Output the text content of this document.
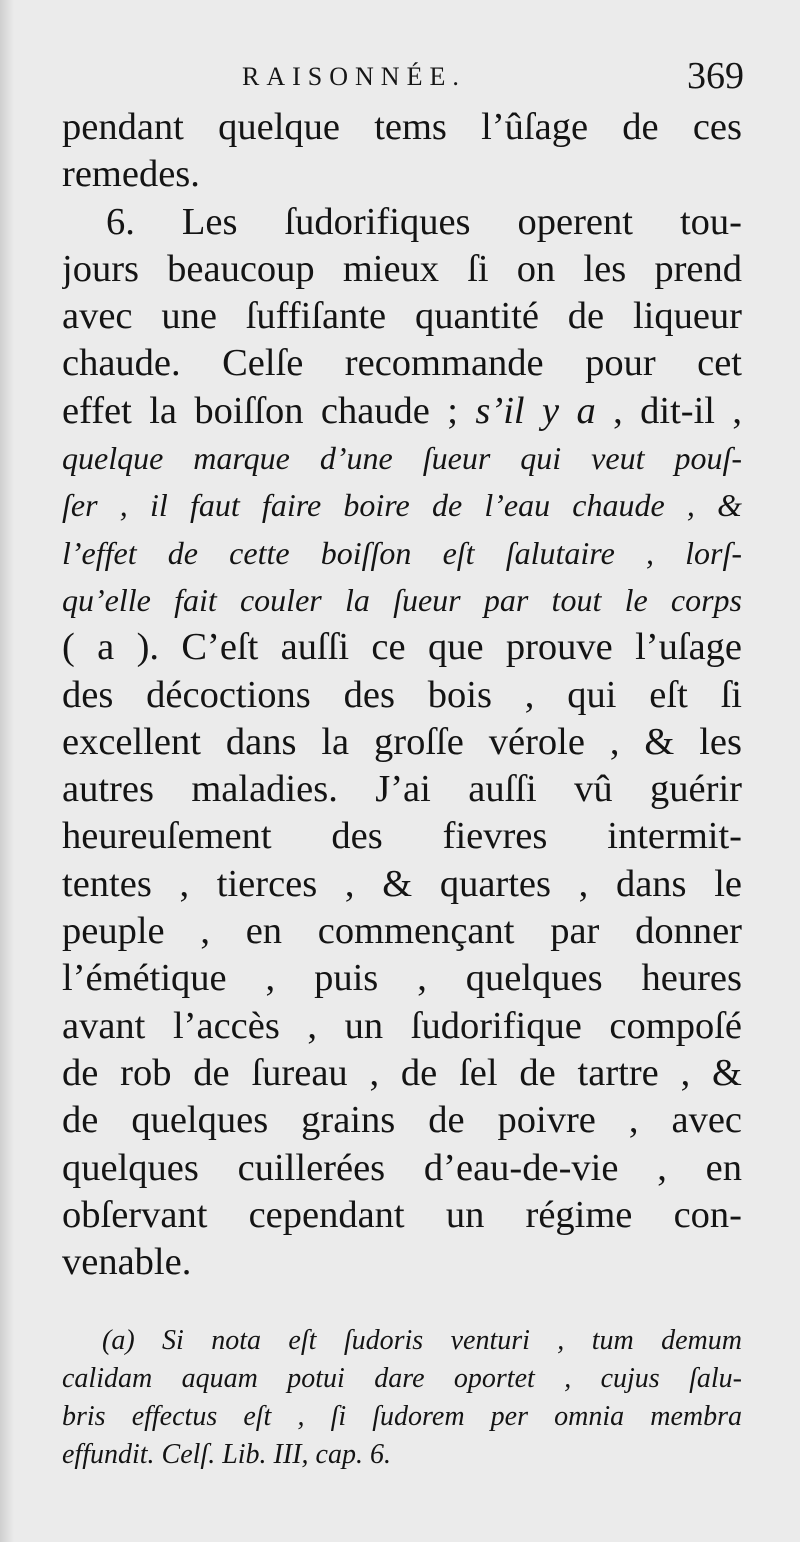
RAISONNÉE.	369
pendant quelque tems l’ûſage de ces
remedes.
6. Les ſudorifiques operent tou-
jours beaucoup mieux ſi on les prend
avec une ſuffiſante quantité de liqueur
chaude. Celſe recommande pour cet
effet la boiſſon chaude ; s’il y a , dit-il ,
quelque marque d’une ſueur qui veut pouſ-
ſer , il faut faire boire de l’eau chaude , &
l’effet de cette boiſſon eſt ſalutaire , lorſ-
qu’elle fait couler la ſueur par tout le corps
( a ). C’eſt auſſi ce que prouve l’uſage
des décoctions des bois , qui eſt ſi
excellent dans la groſſe vérole , & les
autres maladies. J’ai auſſi vû guérir
heureuſement des fievres intermit-
tentes , tierces , & quartes , dans le
peuple , en commençant par donner
l’émétique , puis , quelques heures
avant l’accès , un ſudorifique compoſé
de rob de ſureau , de ſel de tartre , &
de quelques grains de poivre , avec
quelques cuillerées d’eau-de-vie , en
obſervant cependant un régime con-
venable.
(a) Si nota eſt ſudoris venturi , tum demum
calidam aquam potui dare oportet , cujus ſalu-
bris effectus eſt , ſi ſudorem per omnia membra
effundit. Celſ. Lib. III, cap. 6.
